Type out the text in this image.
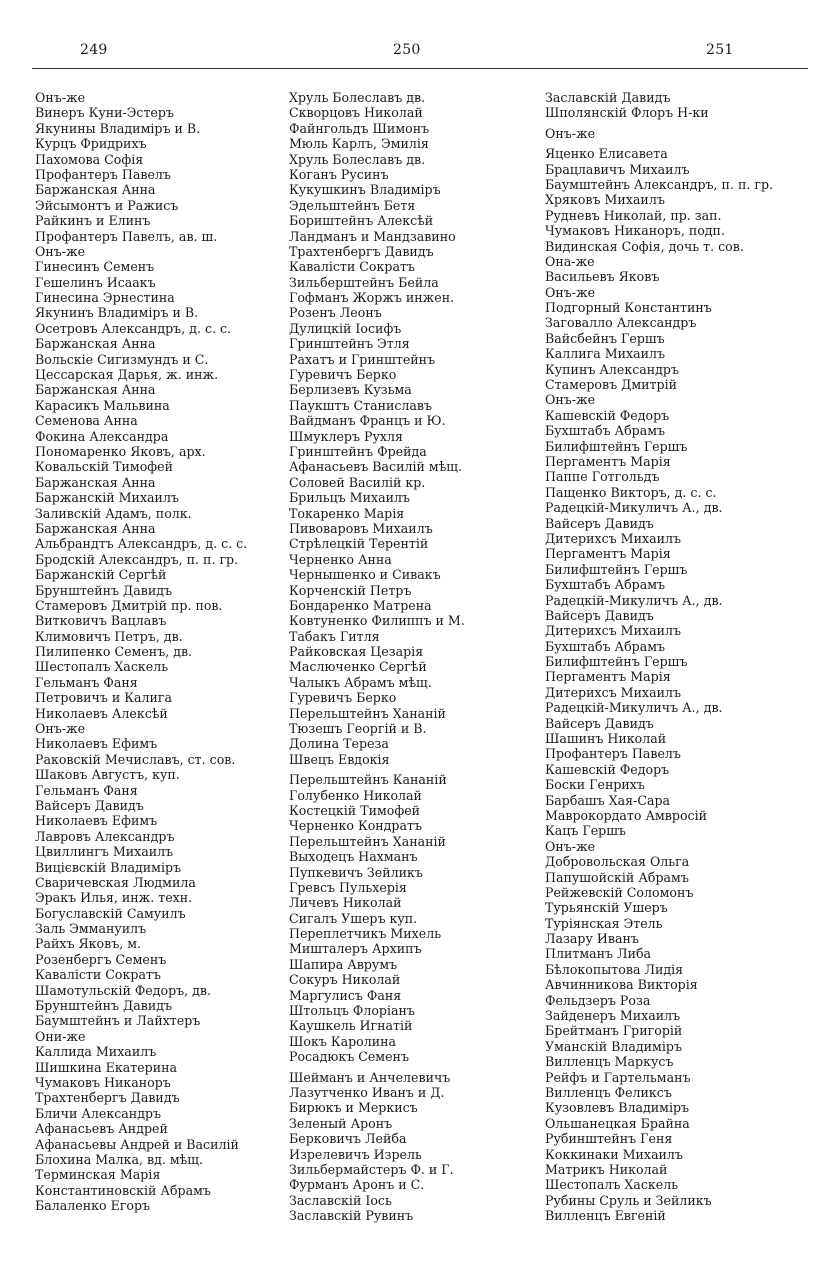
249	250	251
Онъ-же
Винеръ Куни-Эстеръ
Якунины Владиміръ и В.
Курцъ Фридрихъ
Пахомова Софія
Профантеръ Павелъ
Баржанская Анна
Эйсымонтъ и Ражисъ
Райкинъ и Елинъ
Профантеръ Павелъ, ав. ш.
Онъ-же
Гинесинъ Семенъ
Гешелинъ Исаакъ
Гинесина Эрнестина
Якунинъ Владиміръ и В.
Осетровъ Александръ, д. с. с.
Баржанская Анна
Вольскіе Сигизмундъ и С.
Цессарская Дарья, ж. инж.
Баржанская Анна
Карасикъ Мальвина
Семенова Анна
Фокина Александра
Пономаренко Яковъ, арх.
Ковальскій Тимофей
Баржанская Анна
Баржанскій Михаилъ
Заливскій Адамъ, полк.
Баржанская Анна
Альбрандтъ Александръ, д. с. с.
Бродскій Александръ, п. п. гр.
Баржанскій Сергѣй
Брунштейнъ Давидъ
Стамеровъ Дмитрій пр. пов.
Витковичъ Вацлавъ
Климовичъ Петръ, дв.
Пилипенко Семенъ, дв.
Шестопалъ Хаскель
Гельманъ Фаня
Петровичъ и Калига
Николаевъ Алексѣй
Онъ-же
Николаевъ Ефимъ
Раковскій Мечиславъ, ст. сов.
Шаковъ Августъ, куп.
Гельманъ Фаня
Вайсеръ Давидъ
Николаевъ Ефимъ
Лавровъ Александръ
Цвиллингъ Михаилъ
Вицієвскій Владиміръ
Сваричевская Людмила
Эракъ Илья, инж. техн.
Богуславскій Самуилъ
Заль Эммануилъ
Райхъ Яковъ, м.
Розенбергъ Семенъ
Кавалісти Сократъ
Шамотульскій Федоръ, дв.
Брунштейнъ Давидъ
Баумштейнъ и Лайхтеръ
Они-же
Каллида Михаилъ
Шишкина Екатерина
Чумаковъ Никаноръ
Трахтенбергъ Давидъ
Бличи Александръ
Афанасьевъ Андрей
Афанасьевы Андрей и Василій
Блохина Малка, вд. мѣщ.
Терминская Марія
Константиновскій Абрамъ
Балаленко Егоръ
Хруль Болеславъ дв.
Скворцовъ Николай
Файнгольдъ Шимонъ
Мюль Карлъ, Эмилія
Хруль Болеславъ дв.
Коганъ Русинъ
Кукушкинъ Владиміръ
Эдельштейнъ Бетя
Бориштейнъ Алексѣй
Ландманъ и Мандзавино
Трахтенбергъ Давидъ
Кавалісти Сократъ
Зильберштейнъ Бейла
Гофманъ Жоржъ инжен.
Розенъ Леонъ
Дулицкій Іосифъ
Гринштейнъ Этля
Рахатъ и Гринштейнъ
Гуревичъ Берко
Берлизевъ Кузьма
Паукштъ Станиславъ
Вайдманъ Францъ и Ю.
Шмуклеръ Рухля
Гринштейнъ Фрейда
Афанасьевъ Василій мѣщ.
Соловей Василій кр.
Брильцъ Михаилъ
Токаренко Марія
Пивоваровъ Михаилъ
Стрѣлецкій Терентій
Черненко Анна
Чернышенко и Сивакъ
Корченскій Петръ
Бондаренко Матрена
Ковтуненко Филиппъ и М.
Табакъ Гитля
Райковская Цезарія
Маслюченко Сергѣй
Чалыкъ Абрамъ мѣщ.
Гуревичъ Берко
Перельштейнъ Хананій
Тюзешъ Георгій и В.
Долина Тереза
Швецъ Евдокія
Перельштейнъ Кананій
Голубенко Николай
Костецкій Тимофей
Черненко Кондратъ
Перельштейнъ Хананій
Выходецъ Нахманъ
Пупкевичъ Зейликъ
Гревсъ Пульхерія
Личевъ Николай
Сигалъ Ушеръ куп.
Переплетчикъ Михель
Мишталеръ Архипъ
Шапира Аврумъ
Сокуръ Николай
Маргулисъ Фаня
Штольцъ Флоріанъ
Каушкель Игнатій
Шокъ Каролина
Росадюкъ Семенъ
Шейманъ и Анчелевичъ
Лазутченко Иванъ и Д.
Бирюкъ и Меркисъ
Зеленый Аронъ
Берковичъ Лейба
Изрелевичъ Изрель
Зильбермайстеръ Ф. и Г.
Фурманъ Аронъ и С.
Заславскій Іось
Заславскій Рувинъ
Заславскій Давидъ
Шполянскій Флоръ Н-ки
Онъ-же
Яценко Елисавета
Брацлавичъ Михаилъ
Баумштейнъ Александръ, п. п. гр.
Хряковъ Михаилъ
Рудневъ Николай, пр. зап.
Чумаковъ Никаноръ, подп.
Видинская Софія, дочь т. сов.
Она-же
Васильевъ Яковъ
Онъ-же
Подгорный Константинъ
Заговалло Александръ
Вайсбейнъ Гершъ
Каллига Михаилъ
Купинъ Александръ
Стамеровъ Дмитрій
Онъ-же
Кашевскій Федоръ
Бухштабъ Абрамъ
Билифштейнъ Гершъ
Пергаментъ Марія
Паппе Готгольдъ
Пащенко Викторъ, д. с. с.
Радецкій-Микуличъ А., дв.
Вайсеръ Давидъ
Дитерихсъ Михаилъ
Пергаментъ Марія
Билифштейнъ Гершъ
Бухштабъ Абрамъ
Радецкій-Микуличъ А., дв.
Вайсеръ Давидъ
Дитерихсъ Михаилъ
Бухштабъ Абрамъ
Билифштейнъ Гершъ
Пергаментъ Марія
Дитерихсъ Михаилъ
Радецкій-Микуличъ А., дв.
Вайсеръ Давидъ
Шашинъ Николай
Профантеръ Павелъ
Кашевскій Федоръ
Боски Генрихъ
Барбашъ Хая-Сара
Маврокордато Амвросій
Кацъ Гершъ
Онъ-же
Добровольская Ольга
Папушойскій Абрамъ
Рейжевскій Соломонъ
Турьянскій Ушеръ
Туріянская Этель
Лазару Иванъ
Плитманъ Либа
Бѣлокопытова Лидія
Авчинникова Викторія
Фельдзеръ Роза
Зайденеръ Михаилъ
Брейтманъ Григорій
Уманскій Владиміръ
Вилленцъ Маркусъ
Рейфъ и Гартельманъ
Вилленцъ Феликсъ
Кузовлевъ Владиміръ
Ольшанецкая Брайна
Рубинштейнъ Геня
Коккинаки Михаилъ
Матрикъ Николай
Шестопалъ Хаскель
Рубины Сруль и Зейликъ
Вилленцъ Евгеній
